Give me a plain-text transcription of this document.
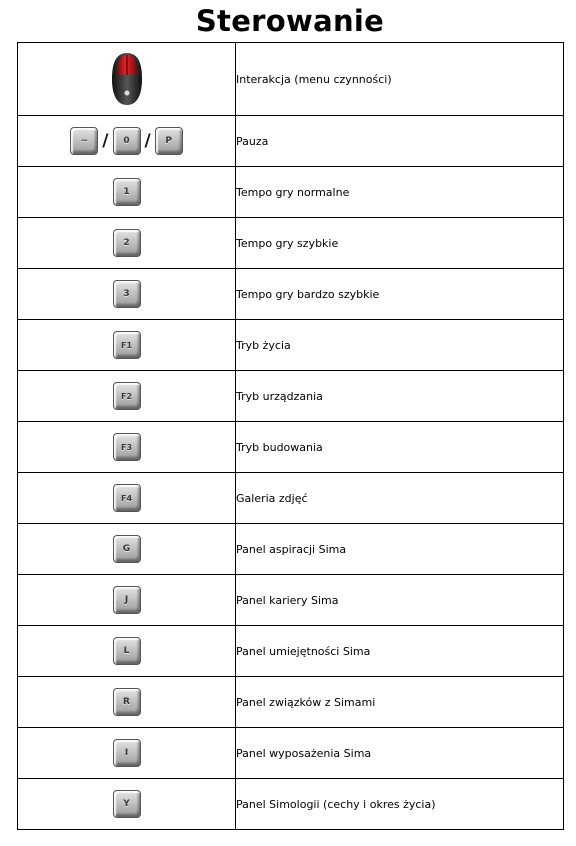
Sterowanie
	Interakcja (menu czynności)

~ / 0 / P	Pauza
1	Tempo gry normalne
2	Tempo gry szybkie
3	Tempo gry bardzo szybkie
F1	Tryb życia
F2	Tryb urządzania
F3	Tryb budowania
F4	Galeria zdjęć
G	Panel aspiracji Sima
J	Panel kariery Sima
L	Panel umiejętności Sima
R	Panel związków z Simami
I	Panel wyposażenia Sima
Y	Panel Simologii (cechy i okres życia)
